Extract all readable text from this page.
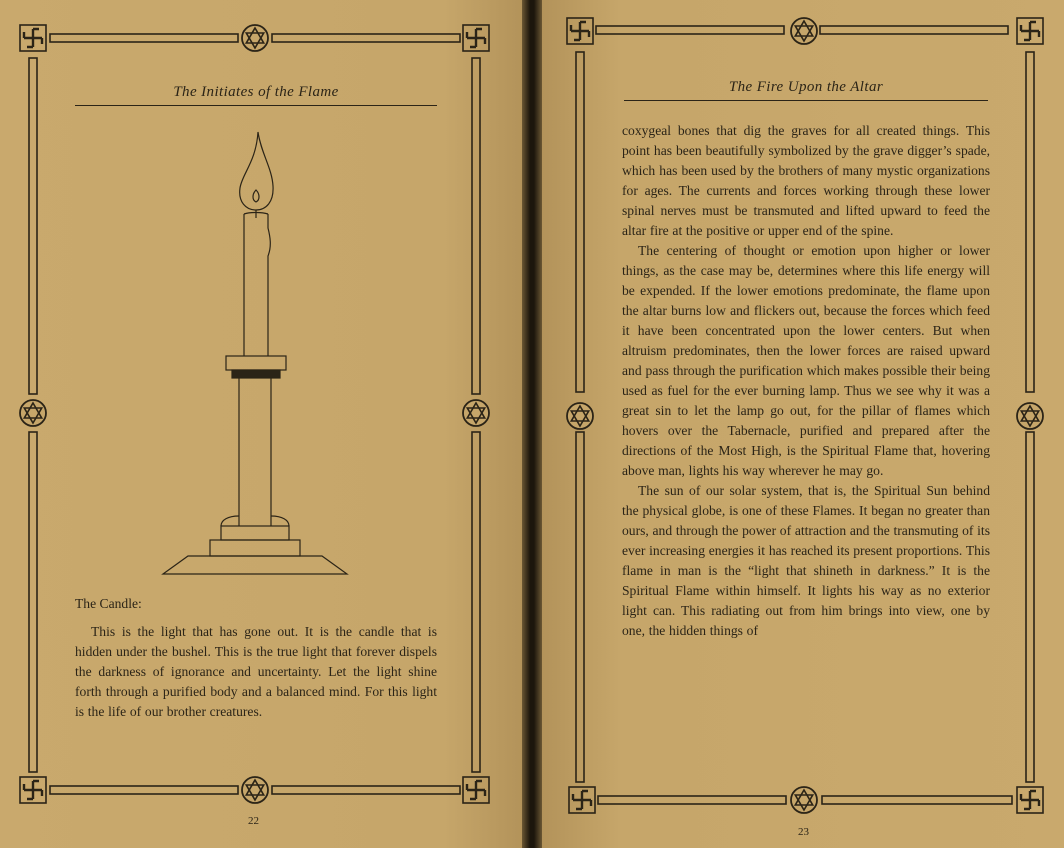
The Initiates of the Flame
The Candle:

This is the light that has gone out. It is the candle that is hidden under the bushel. This is the true light that forever dispels the darkness of ignorance and uncertainty. Let the light shine forth through a purified body and a balanced mind. For this light is the life of our brother creatures.

22
The Fire Upon the Altar

coxygeal bones that dig the graves for all created things. This point has been beautifully symbolized by the grave digger’s spade, which has been used by the brothers of many mystic organizations for ages. The currents and forces working through these lower spinal nerves must be transmuted and lifted upward to feed the altar fire at the positive or upper end of the spine.

The centering of thought or emotion upon higher or lower things, as the case may be, determines where this life energy will be expended. If the lower emotions predominate, the flame upon the altar burns low and flickers out, because the forces which feed it have been concentrated upon the lower centers. But when altruism predominates, then the lower forces are raised upward and pass through the purification which makes possible their being used as fuel for the ever burning lamp. Thus we see why it was a great sin to let the lamp go out, for the pillar of flames which hovers over the Tabernacle, purified and prepared after the directions of the Most High, is the Spiritual Flame that, hovering above man, lights his way wherever he may go.

The sun of our solar system, that is, the Spiritual Sun behind the physical globe, is one of these Flames. It began no greater than ours, and through the power of attraction and the transmuting of its ever increasing energies it has reached its present proportions. This flame in man is the “light that shineth in darkness.” It is the Spiritual Flame within himself. It lights his way as no exterior light can. This radiating out from him brings into view, one by one, the hidden things of

23
